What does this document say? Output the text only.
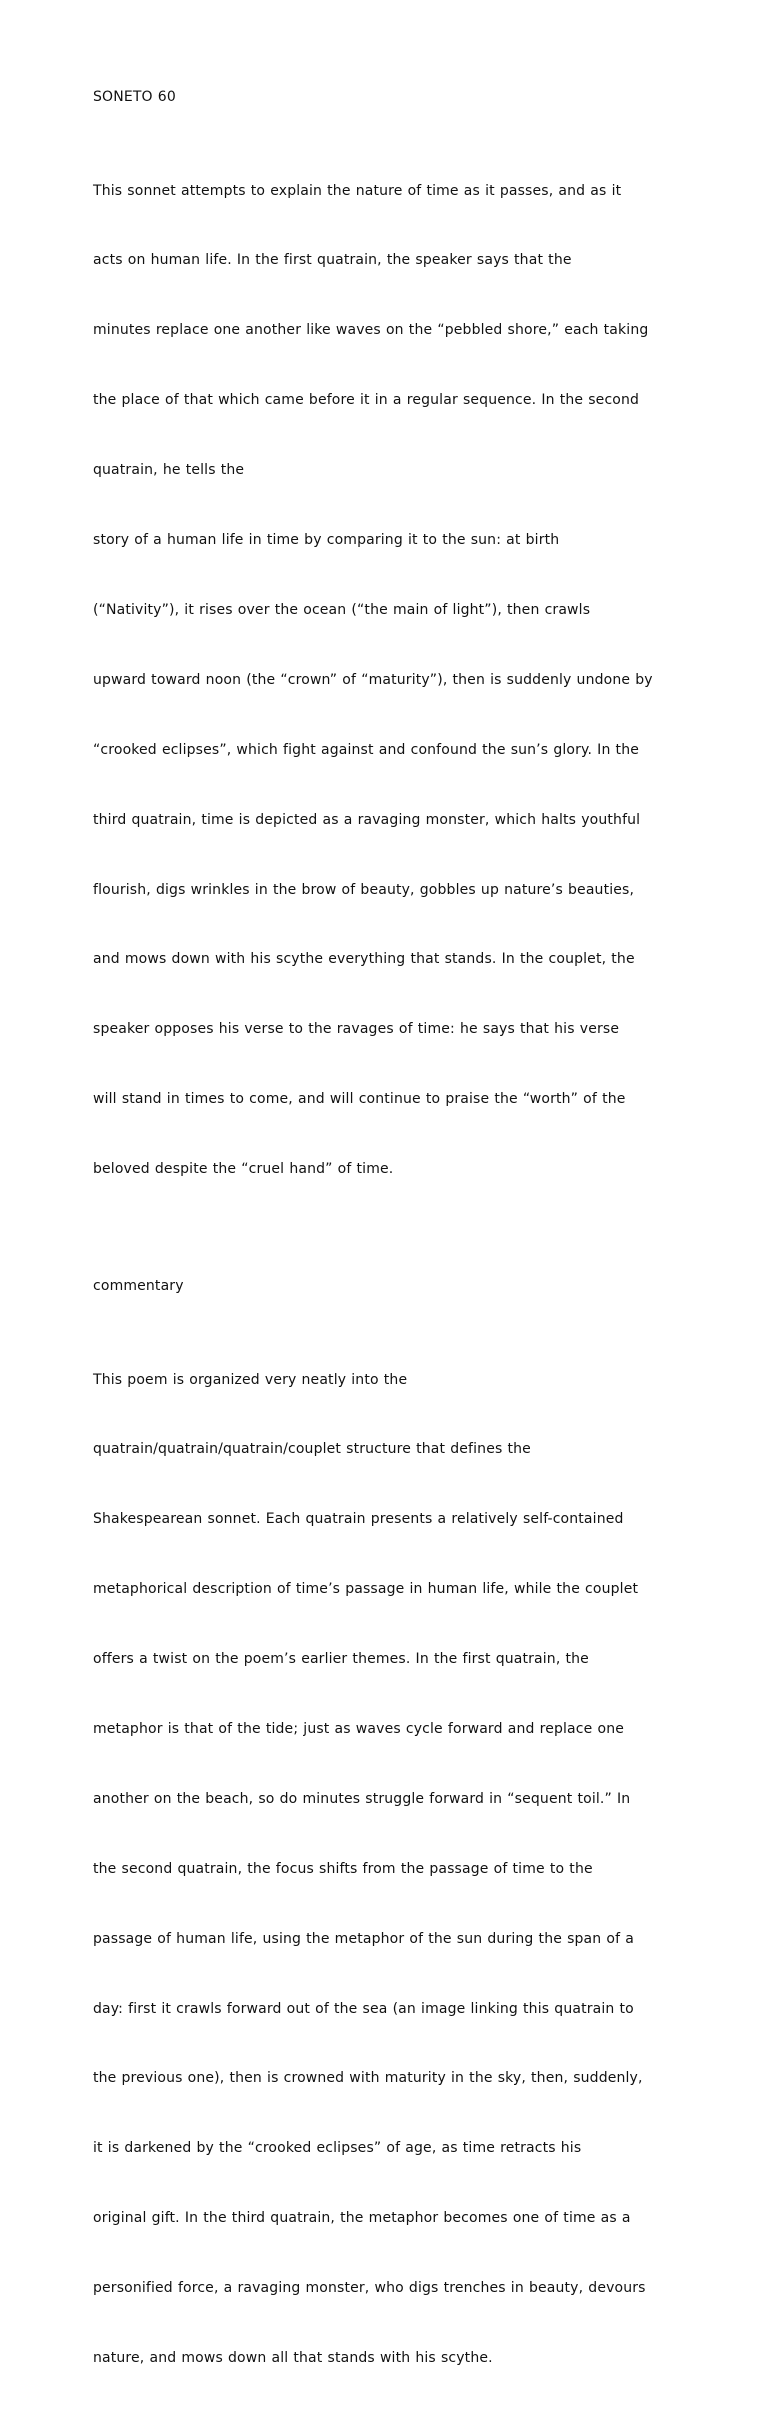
SONETO 60

This sonnet attempts to explain the nature of time as it passes, and as it

acts on human life. In the first quatrain, the speaker says that the

minutes replace one another like waves on the “pebbled shore,” each taking

the place of that which came before it in a regular sequence. In the second

quatrain, he tells the

story of a human life in time by comparing it to the sun: at birth

(“Nativity”), it rises over the ocean (“the main of light”), then crawls

upward toward noon (the “crown” of “maturity”), then is suddenly undone by

“crooked eclipses”, which fight against and confound the sun’s glory. In the

third quatrain, time is depicted as a ravaging monster, which halts youthful

flourish, digs wrinkles in the brow of beauty, gobbles up nature’s beauties,

and mows down with his scythe everything that stands. In the couplet, the

speaker opposes his verse to the ravages of time: he says that his verse

will stand in times to come, and will continue to praise the “worth” of the

beloved despite the “cruel hand” of time.

commentary

This poem is organized very neatly into the

quatrain/quatrain/quatrain/couplet structure that defines the

Shakespearean sonnet. Each quatrain presents a relatively self-contained

metaphorical description of time’s passage in human life, while the couplet

offers a twist on the poem’s earlier themes. In the first quatrain, the

metaphor is that of the tide; just as waves cycle forward and replace one

another on the beach, so do minutes struggle forward in “sequent toil.” In

the second quatrain, the focus shifts from the passage of time to the

passage of human life, using the metaphor of the sun during the span of a

day: first it crawls forward out of the sea (an image linking this quatrain to

the previous one), then is crowned with maturity in the sky, then, suddenly,

it is darkened by the “crooked eclipses” of age, as time retracts his

original gift. In the third quatrain, the metaphor becomes one of time as a

personified force, a ravaging monster, who digs trenches in beauty, devours

nature, and mows down all that stands with his scythe.
